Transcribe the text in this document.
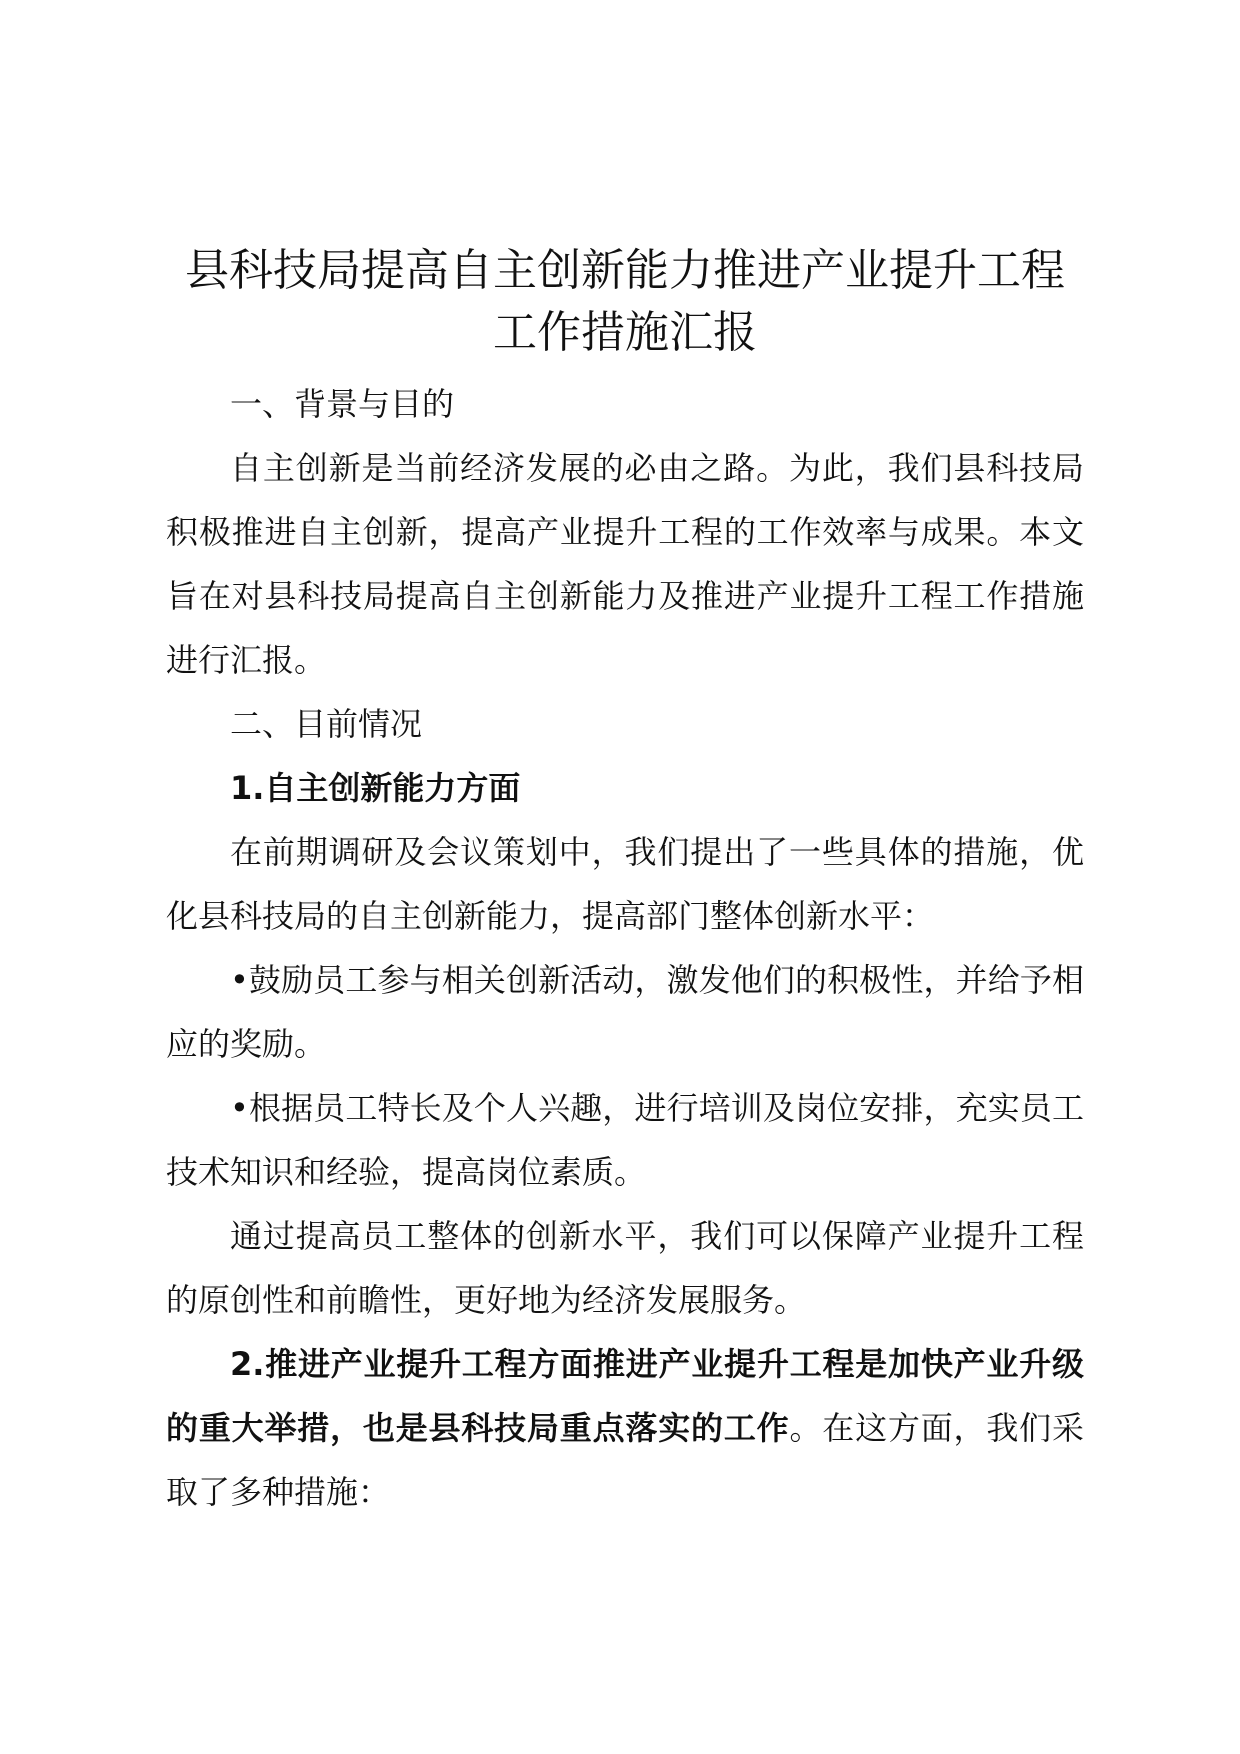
县科技局提高自主创新能力推进产业提升工程
工作措施汇报

一、背景与目的

自主创新是当前经济发展的必由之路。为此，我们县科技局积极推进自主创新，提高产业提升工程的工作效率与成果。本文旨在对县科技局提高自主创新能力及推进产业提升工程工作措施进行汇报。

二、目前情况

1.自主创新能力方面

在前期调研及会议策划中，我们提出了一些具体的措施，优化县科技局的自主创新能力，提高部门整体创新水平：

•鼓励员工参与相关创新活动，激发他们的积极性，并给予相应的奖励。

•根据员工特长及个人兴趣，进行培训及岗位安排，充实员工技术知识和经验，提高岗位素质。

通过提高员工整体的创新水平，我们可以保障产业提升工程的原创性和前瞻性，更好地为经济发展服务。

2.推进产业提升工程方面推进产业提升工程是加快产业升级的重大举措，也是县科技局重点落实的工作。在这方面，我们采取了多种措施：
